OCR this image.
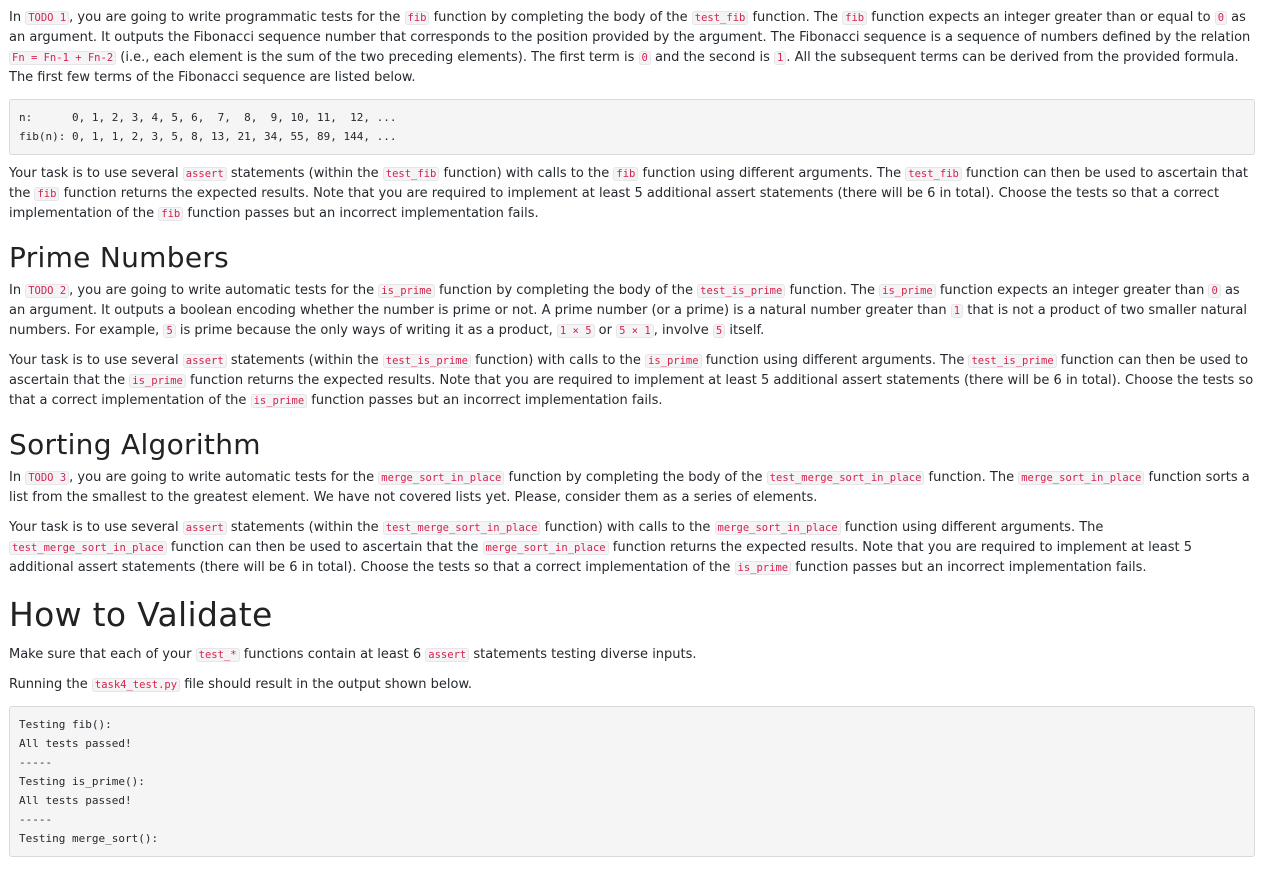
In TODO 1 , you are going to write programmatic tests for the fib function by completing the body of the test_fib function. The fib function expects an integer greater than or equal to 0 as an argument. It outputs the Fibonacci sequence number that corresponds to the position provided by the argument. The Fibonacci sequence is a sequence of numbers defined by the relation Fn = Fn-1 + Fn-2 (i.e., each element is the sum of the two preceding elements). The first term is 0 and the second is 1 . All the subsequent terms can be derived from the provided formula. The first few terms of the Fibonacci sequence are listed below.

n:      0, 1, 2, 3, 4, 5, 6,  7,  8,  9, 10, 11,  12, ...
fib(n): 0, 1, 1, 2, 3, 5, 8, 13, 21, 34, 55, 89, 144, ...

Your task is to use several assert statements (within the test_fib function) with calls to the fib function using different arguments. The test_fib function can then be used to ascertain that the fib function returns the expected results. Note that you are required to implement at least 5 additional assert statements (there will be 6 in total). Choose the tests so that a correct implementation of the fib function passes but an incorrect implementation fails.

Prime Numbers

In TODO 2 , you are going to write automatic tests for the is_prime function by completing the body of the test_is_prime function. The is_prime function expects an integer greater than 0 as an argument. It outputs a boolean encoding whether the number is prime or not. A prime number (or a prime) is a natural number greater than 1 that is not a product of two smaller natural numbers. For example, 5 is prime because the only ways of writing it as a product, 1 × 5 or 5 × 1 , involve 5 itself.

Your task is to use several assert statements (within the test_is_prime function) with calls to the is_prime function using different arguments. The test_is_prime function can then be used to ascertain that the is_prime function returns the expected results. Note that you are required to implement at least 5 additional assert statements (there will be 6 in total). Choose the tests so that a correct implementation of the is_prime function passes but an incorrect implementation fails.

Sorting Algorithm

In TODO 3 , you are going to write automatic tests for the merge_sort_in_place function by completing the body of the test_merge_sort_in_place function. The merge_sort_in_place function sorts a list from the smallest to the greatest element. We have not covered lists yet. Please, consider them as a series of elements.

Your task is to use several assert statements (within the test_merge_sort_in_place function) with calls to the merge_sort_in_place function using different arguments. The test_merge_sort_in_place function can then be used to ascertain that the merge_sort_in_place function returns the expected results. Note that you are required to implement at least 5 additional assert statements (there will be 6 in total). Choose the tests so that a correct implementation of the is_prime function passes but an incorrect implementation fails.

How to Validate

Make sure that each of your test_* functions contain at least 6 assert statements testing diverse inputs.

Running the task4_test.py file should result in the output shown below.

Testing fib():
All tests passed!
-----
Testing is_prime():
All tests passed!
-----
Testing merge_sort():
